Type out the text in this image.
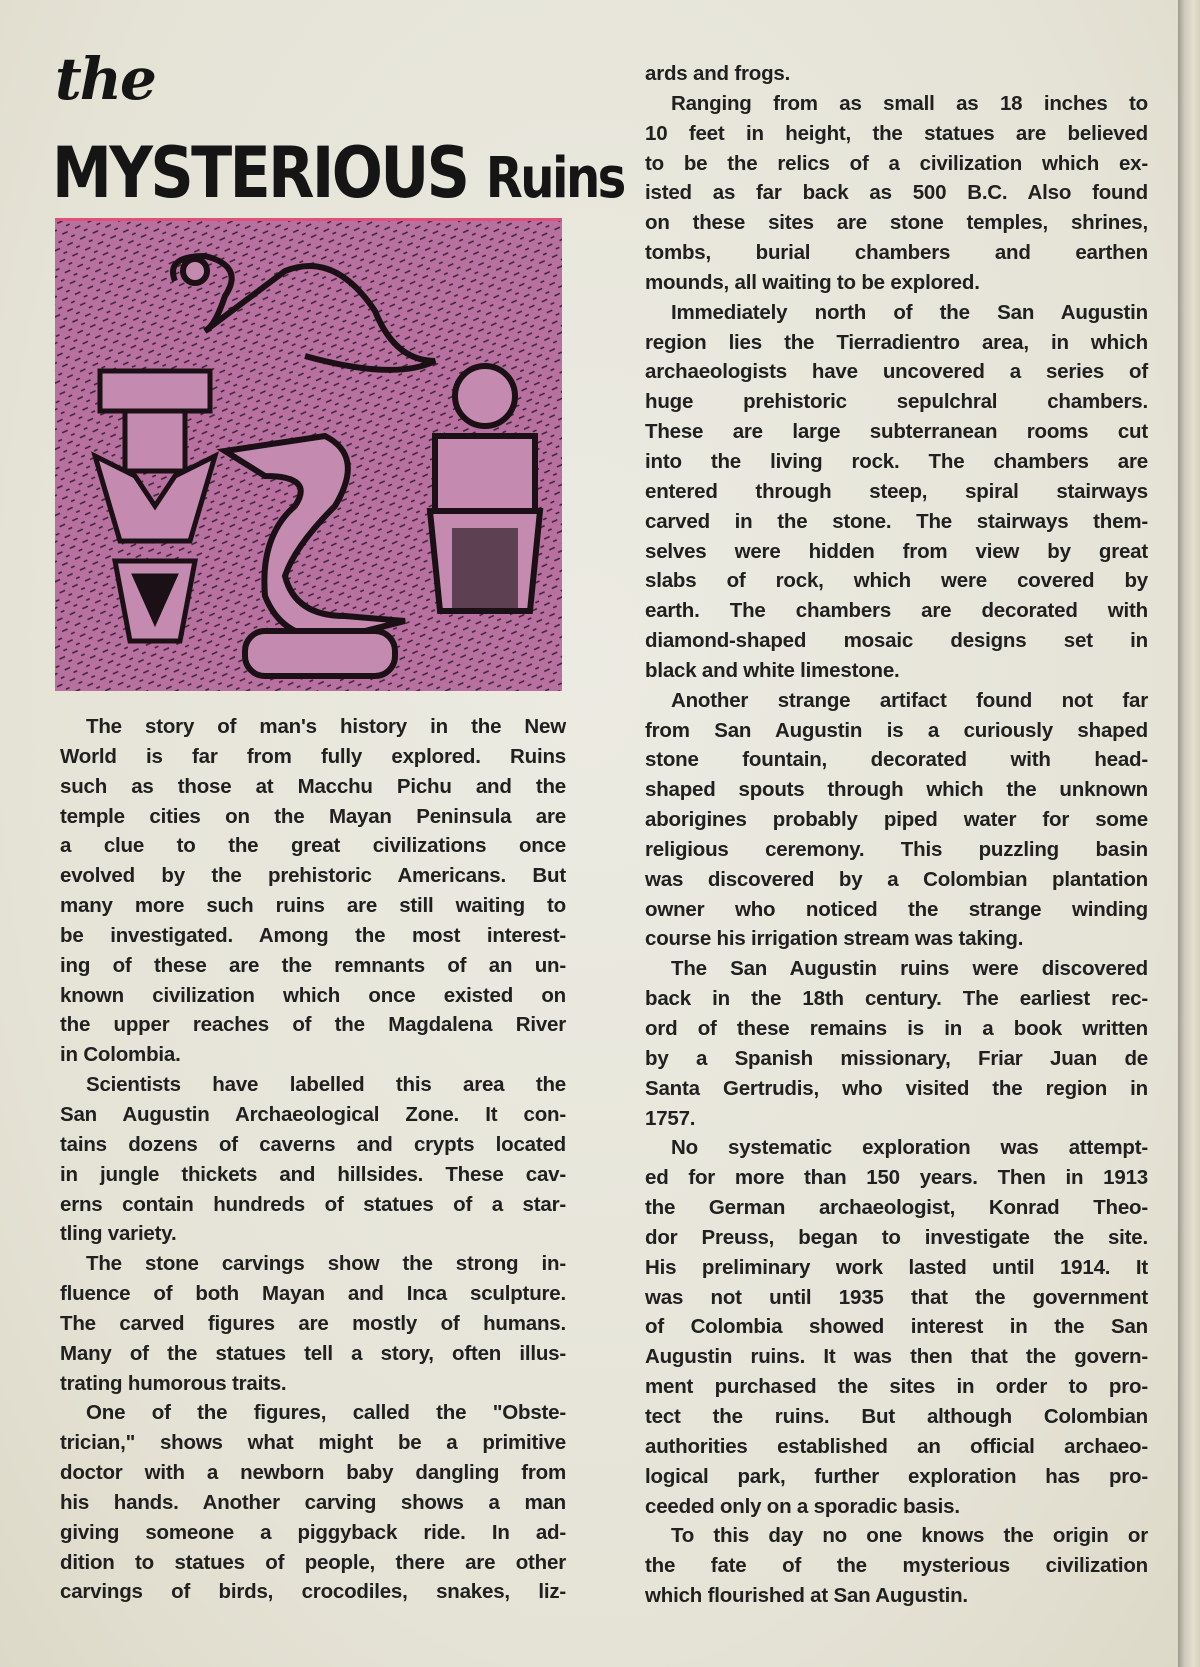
the
MYSTERIOUS Ruins
The story of man's history in the New
World is far from fully explored. Ruins
such as those at Macchu Pichu and the
temple cities on the Mayan Peninsula are
a clue to the great civilizations once
evolved by the prehistoric Americans. But
many more such ruins are still waiting to
be investigated. Among the most interest-
ing of these are the remnants of an un-
known civilization which once existed on
the upper reaches of the Magdalena River
in Colombia.
Scientists have labelled this area the
San Augustin Archaeological Zone. It con-
tains dozens of caverns and crypts located
in jungle thickets and hillsides. These cav-
erns contain hundreds of statues of a star-
tling variety.
The stone carvings show the strong in-
fluence of both Mayan and Inca sculpture.
The carved figures are mostly of humans.
Many of the statues tell a story, often illus-
trating humorous traits.
One of the figures, called the "Obste-
trician," shows what might be a primitive
doctor with a newborn baby dangling from
his hands. Another carving shows a man
giving someone a piggyback ride. In ad-
dition to statues of people, there are other
carvings of birds, crocodiles, snakes, liz-
ards and frogs.
Ranging from as small as 18 inches to
10 feet in height, the statues are believed
to be the relics of a civilization which ex-
isted as far back as 500 B.C. Also found
on these sites are stone temples, shrines,
tombs, burial chambers and earthen
mounds, all waiting to be explored.
Immediately north of the San Augustin
region lies the Tierradientro area, in which
archaeologists have uncovered a series of
huge prehistoric sepulchral chambers.
These are large subterranean rooms cut
into the living rock. The chambers are
entered through steep, spiral stairways
carved in the stone. The stairways them-
selves were hidden from view by great
slabs of rock, which were covered by
earth. The chambers are decorated with
diamond-shaped mosaic designs set in
black and white limestone.
Another strange artifact found not far
from San Augustin is a curiously shaped
stone fountain, decorated with head-
shaped spouts through which the unknown
aborigines probably piped water for some
religious ceremony. This puzzling basin
was discovered by a Colombian plantation
owner who noticed the strange winding
course his irrigation stream was taking.
The San Augustin ruins were discovered
back in the 18th century. The earliest rec-
ord of these remains is in a book written
by a Spanish missionary, Friar Juan de
Santa Gertrudis, who visited the region in
1757.
No systematic exploration was attempt-
ed for more than 150 years. Then in 1913
the German archaeologist, Konrad Theo-
dor Preuss, began to investigate the site.
His preliminary work lasted until 1914. It
was not until 1935 that the government
of Colombia showed interest in the San
Augustin ruins. It was then that the govern-
ment purchased the sites in order to pro-
tect the ruins. But although Colombian
authorities established an official archaeo-
logical park, further exploration has pro-
ceeded only on a sporadic basis.
To this day no one knows the origin or
the fate of the mysterious civilization
which flourished at San Augustin.
